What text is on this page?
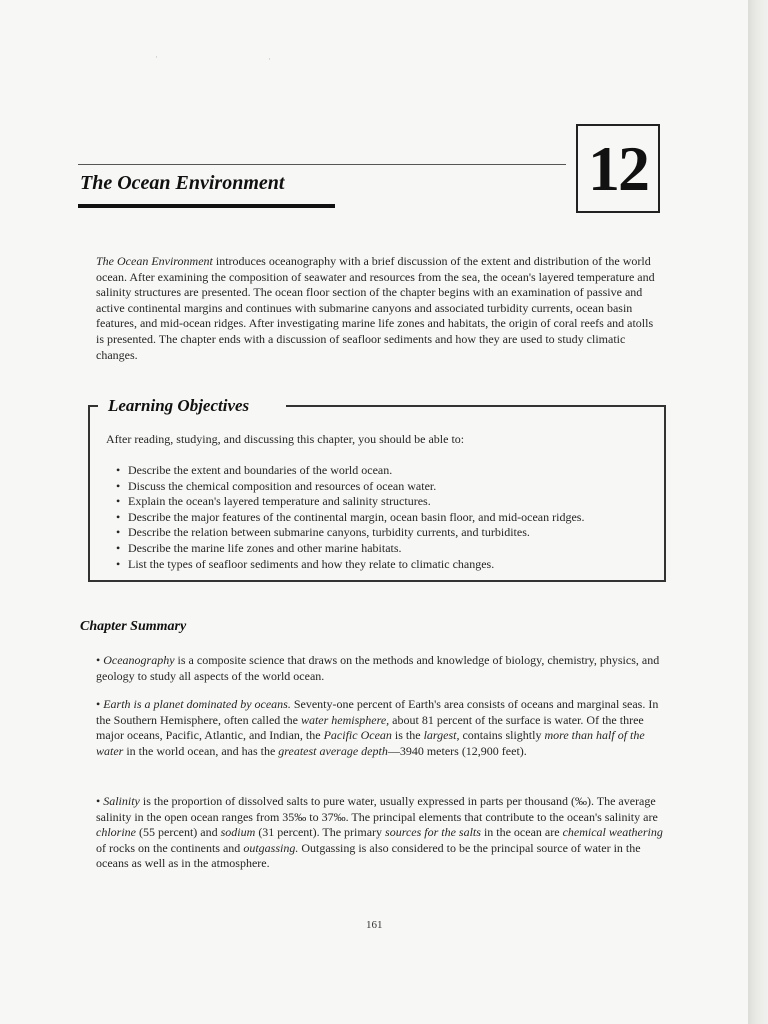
·	·
12
The Ocean Environment

The Ocean Environment introduces oceanography with a brief discussion of the extent and distribution of the world ocean. After examining the composition of seawater and resources from the sea, the ocean's layered temperature and salinity structures are presented. The ocean floor section of the chapter begins with an examination of passive and active continental margins and continues with submarine canyons and associated turbidity currents, ocean basin features, and mid-ocean ridges. After investigating marine life zones and habitats, the origin of coral reefs and atolls is presented. The chapter ends with a discussion of seafloor sediments and how they are used to study climatic changes.

Learning Objectives

After reading, studying, and discussing this chapter, you should be able to:

• Describe the extent and boundaries of the world ocean.
• Discuss the chemical composition and resources of ocean water.
• Explain the ocean's layered temperature and salinity structures.
• Describe the major features of the continental margin, ocean basin floor, and mid-ocean ridges.
• Describe the relation between submarine canyons, turbidity currents, and turbidites.
• Describe the marine life zones and other marine habitats.
• List the types of seafloor sediments and how they relate to climatic changes.
Chapter Summary

• Oceanography is a composite science that draws on the methods and knowledge of biology, chemistry, physics, and geology to study all aspects of the world ocean.

• Earth is a planet dominated by oceans. Seventy-one percent of Earth's area consists of oceans and marginal seas. In the Southern Hemisphere, often called the water hemisphere, about 81 percent of the surface is water. Of the three major oceans, Pacific, Atlantic, and Indian, the Pacific Ocean is the largest, contains slightly more than half of the water in the world ocean, and has the greatest average depth—3940 meters (12,900 feet).

• Salinity is the proportion of dissolved salts to pure water, usually expressed in parts per thousand (‰). The average salinity in the open ocean ranges from 35‰ to 37‰. The principal elements that contribute to the ocean's salinity are chlorine (55 percent) and sodium (31 percent). The primary sources for the salts in the ocean are chemical weathering of rocks on the continents and outgassing. Outgassing is also considered to be the principal source of water in the oceans as well as in the atmosphere.

161
